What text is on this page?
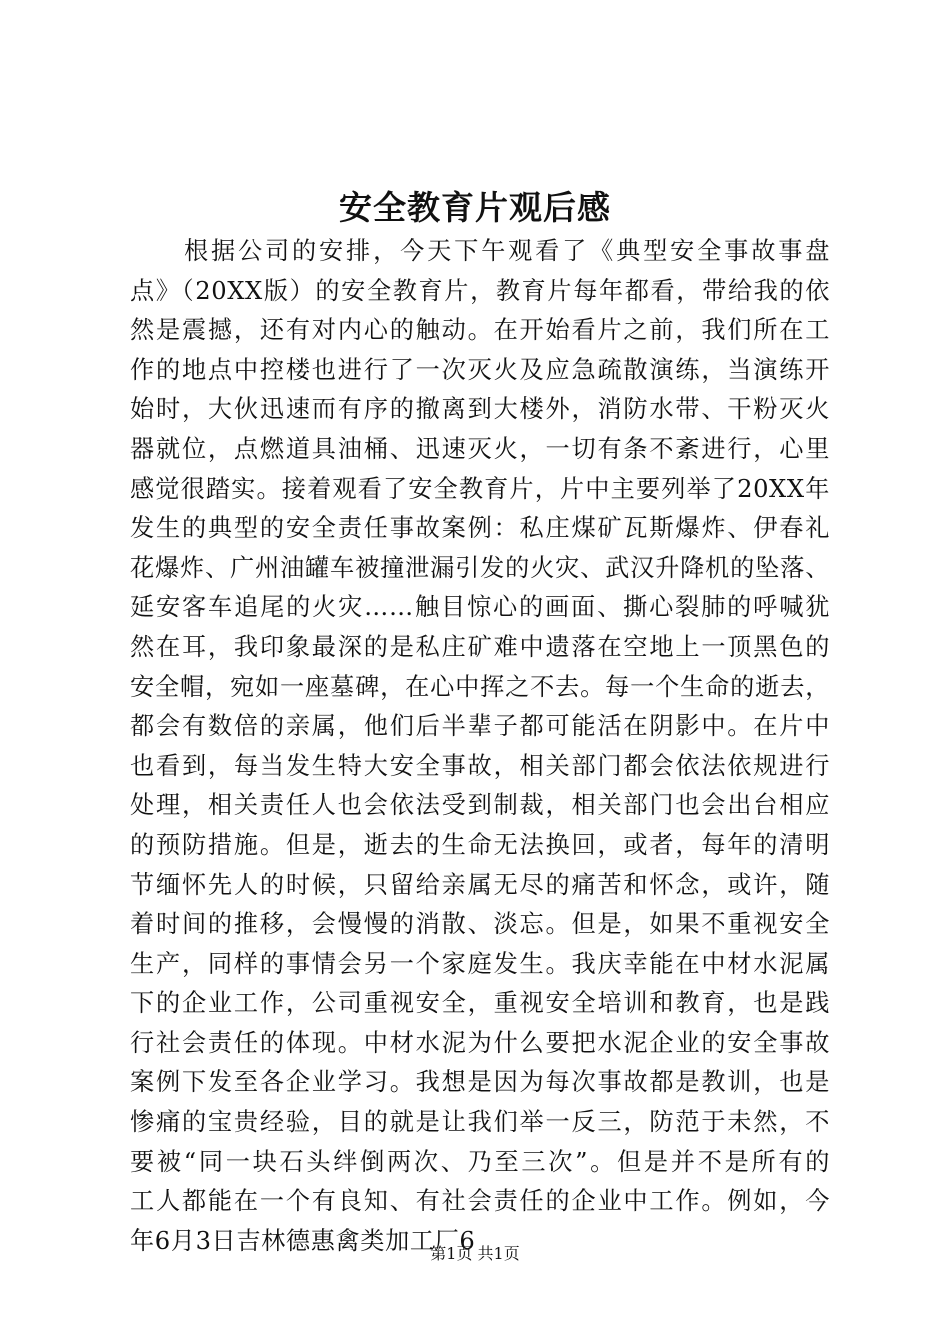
安全教育片观后感
根据公司的安排，今天下午观看了《典型安全事故事盘
点》（20XX版）的安全教育片，教育片每年都看，带给我的依
然是震撼，还有对内心的触动。在开始看片之前，我们所在工
作的地点中控楼也进行了一次灭火及应急疏散演练，当演练开
始时，大伙迅速而有序的撤离到大楼外，消防水带、干粉灭火
器就位，点燃道具油桶、迅速灭火，一切有条不紊进行，心里
感觉很踏实。接着观看了安全教育片，片中主要列举了20XX年
发生的典型的安全责任事故案例：私庄煤矿瓦斯爆炸、伊春礼
花爆炸、广州油罐车被撞泄漏引发的火灾、武汉升降机的坠落、
延安客车追尾的火灾……触目惊心的画面、撕心裂肺的呼喊犹
然在耳，我印象最深的是私庄矿难中遗落在空地上一顶黑色的
安全帽，宛如一座墓碑，在心中挥之不去。每一个生命的逝去，
都会有数倍的亲属，他们后半辈子都可能活在阴影中。在片中
也看到，每当发生特大安全事故，相关部门都会依法依规进行
处理，相关责任人也会依法受到制裁，相关部门也会出台相应
的预防措施。但是，逝去的生命无法换回，或者，每年的清明
节缅怀先人的时候，只留给亲属无尽的痛苦和怀念，或许，随
着时间的推移，会慢慢的消散、淡忘。但是，如果不重视安全
生产，同样的事情会另一个家庭发生。我庆幸能在中材水泥属
下的企业工作，公司重视安全，重视安全培训和教育，也是践
行社会责任的体现。中材水泥为什么要把水泥企业的安全事故
案例下发至各企业学习。我想是因为每次事故都是教训，也是
惨痛的宝贵经验，目的就是让我们举一反三，防范于未然，不
要被“同一块石头绊倒两次、乃至三次”。但是并不是所有的
工人都能在一个有良知、有社会责任的企业中工作。例如，今
年6月3日吉林德惠禽类加工厂6
第1页 共1页
